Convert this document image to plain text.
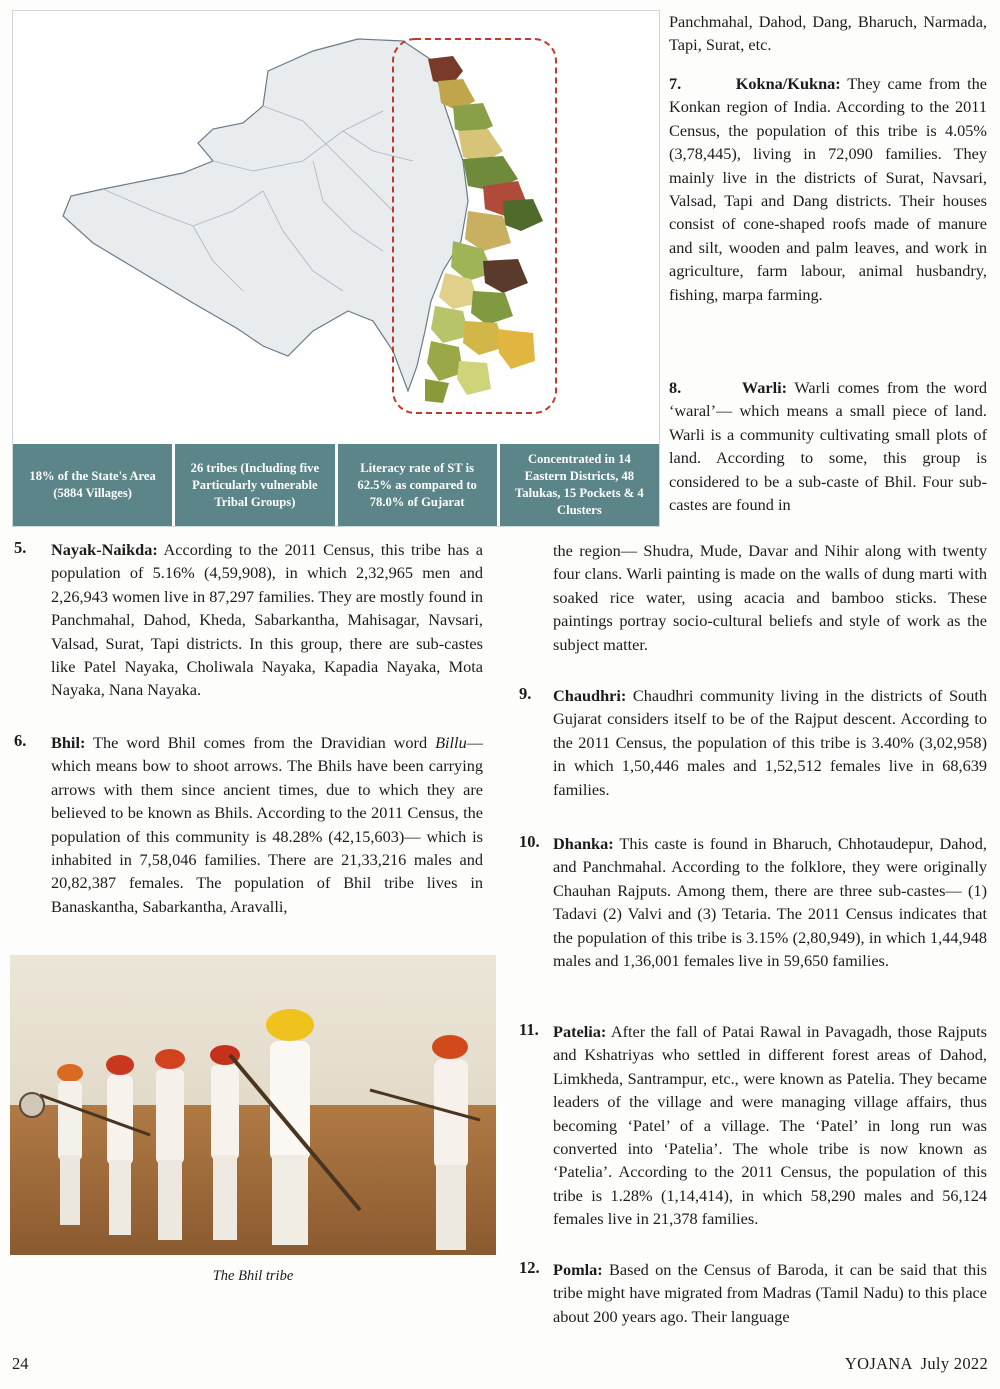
18% of the State's Area (5884 Villages)
26 tribes (Including five Particularly vulnerable Tribal Groups)
Literacy rate of ST is 62.5% as compared to 78.0% of Gujarat
Concentrated in 14 Eastern Districts, 48 Talukas, 15 Pockets & 4 Clusters
Panchmahal, Dahod, Dang, Bharuch, Narmada, Tapi, Surat, etc.
7.	Kokna/Kukna: They came from the Konkan region of India. According to the 2011 Census, the population of this tribe is 4.05% (3,78,445), living in 72,090 families. They mainly live in the districts of Surat, Navsari, Valsad, Tapi and Dang districts. Their houses consist of cone-shaped roofs made of manure and silt, wooden and palm leaves, and work in agriculture, farm labour, animal husbandry, fishing, marpa farming.
8.	Warli: Warli comes from the word ‘waral’— which means a small piece of land. Warli is a community cultivating small plots of land. According to some, this group is considered to be a sub-caste of Bhil. Four sub-castes are found in
the region— Shudra, Mude, Davar and Nihir along with twenty four clans. Warli painting is made on the walls of dung marti with soaked rice water, using acacia and bamboo sticks. These paintings portray socio-cultural beliefs and style of work as the subject matter.
9. Chaudhri: Chaudhri community living in the districts of South Gujarat considers itself to be of the Rajput descent. According to the 2011 Census, the population of this tribe is 3.40% (3,02,958) in which 1,50,446 males and 1,52,512 females live in 68,639 families.
10. Dhanka: This caste is found in Bharuch, Chhotaudepur, Dahod, and Panchmahal. According to the folklore, they were originally Chauhan Rajputs. Among them, there are three sub-castes— (1) Tadavi (2) Valvi and (3) Tetaria. The 2011 Census indicates that the population of this tribe is 3.15% (2,80,949), in which 1,44,948 males and 1,36,001 females live in 59,650 families.
11. Patelia: After the fall of Patai Rawal in Pavagadh, those Rajputs and Kshatriyas who settled in different forest areas of Dahod, Limkheda, Santrampur, etc., were known as Patelia. They became leaders of the village and were managing village affairs, thus becoming ‘Patel’ of a village. The ‘Patel’ in long run was converted into ‘Patelia’. The whole tribe is now known as ‘Patelia’. According to the 2011 Census, the population of this tribe is 1.28% (1,14,414), in which 58,290 males and 56,124 females live in 21,378 families.
12. Pomla: Based on the Census of Baroda, it can be said that this tribe might have migrated from Madras (Tamil Nadu) to this place about 200 years ago. Their language
5. Nayak-Naikda: According to the 2011 Census, this tribe has a population of 5.16% (4,59,908), in which 2,32,965 men and 2,26,943 women live in 87,297 families. They are mostly found in Panchmahal, Dahod, Kheda, Sabarkantha, Mahisagar, Navsari, Valsad, Surat, Tapi districts. In this group, there are sub-castes like Patel Nayaka, Choliwala Nayaka, Kapadia Nayaka, Mota Nayaka, Nana Nayaka.
6. Bhil: The word Bhil comes from the Dravidian word Billu— which means bow to shoot arrows. The Bhils have been carrying arrows with them since ancient times, due to which they are believed to be known as Bhils. According to the 2011 Census, the population of this community is 48.28% (42,15,603)— which is inhabited in 7,58,046 families. There are 21,33,216 males and 20,82,387 females. The population of Bhil tribe lives in Banaskantha, Sabarkantha, Aravalli,
The Bhil tribe
24	YOJANA  July 2022
